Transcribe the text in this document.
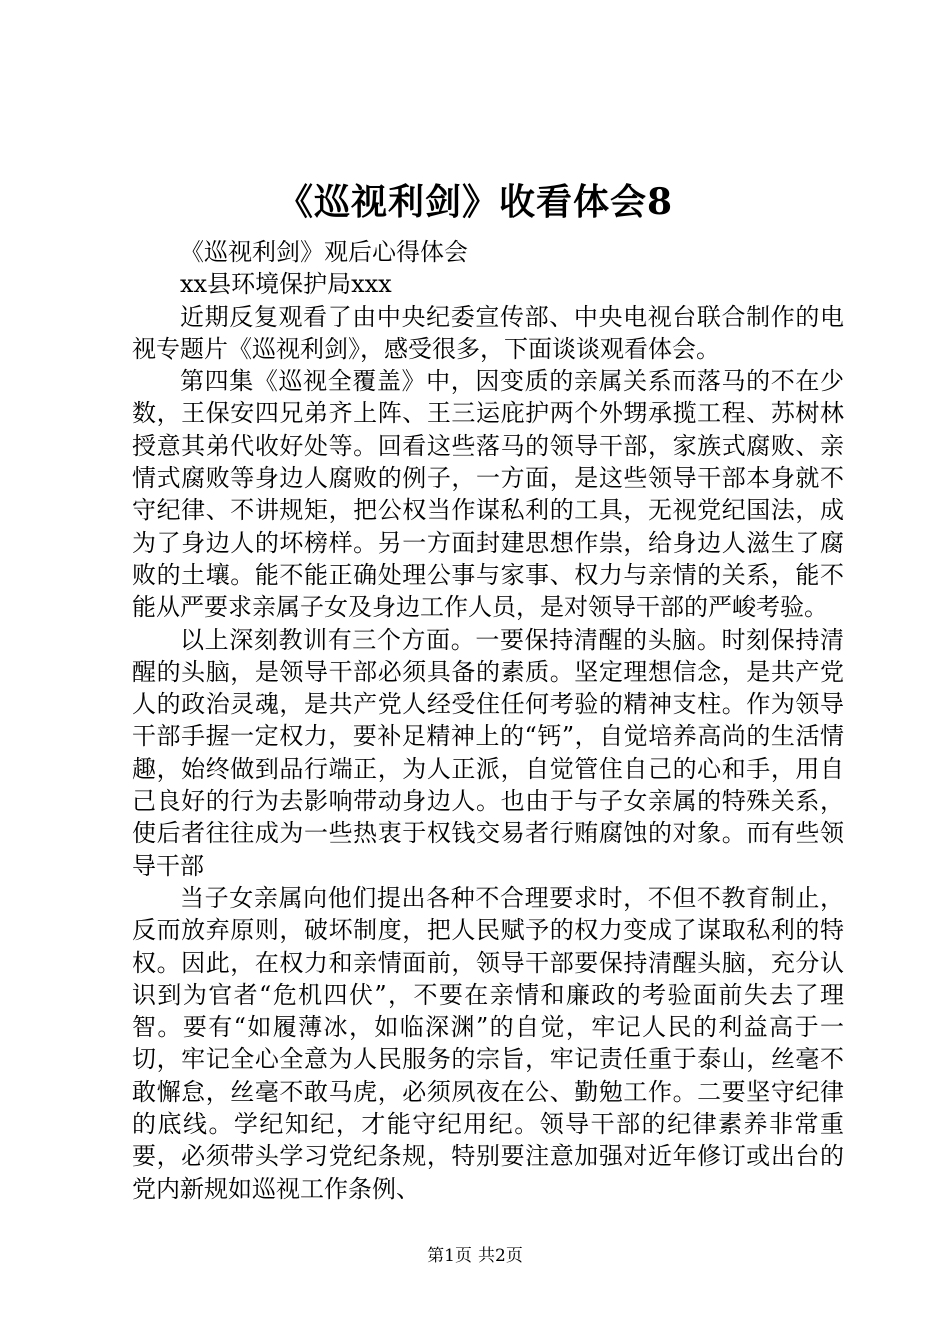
《巡视利剑》收看体会8

《巡视利剑》观后心得体会

xx县环境保护局xxx

近期反复观看了由中央纪委宣传部、中央电视台联合制作的电视专题片《巡视利剑》，感受很多，下面谈谈观看体会。

第四集《巡视全覆盖》中，因变质的亲属关系而落马的不在少数，王保安四兄弟齐上阵、王三运庇护两个外甥承揽工程、苏树林授意其弟代收好处等。回看这些落马的领导干部，家族式腐败、亲情式腐败等身边人腐败的例子，一方面，是这些领导干部本身就不守纪律、不讲规矩，把公权当作谋私利的工具，无视党纪国法，成为了身边人的坏榜样。另一方面封建思想作祟，给身边人滋生了腐败的土壤。能不能正确处理公事与家事、权力与亲情的关系，能不能从严要求亲属子女及身边工作人员，是对领导干部的严峻考验。

以上深刻教训有三个方面。一要保持清醒的头脑。时刻保持清醒的头脑，是领导干部必须具备的素质。坚定理想信念，是共产党人的政治灵魂，是共产党人经受住任何考验的精神支柱。作为领导干部手握一定权力，要补足精神上的“钙”，自觉培养高尚的生活情趣，始终做到品行端正，为人正派，自觉管住自己的心和手，用自己良好的行为去影响带动身边人。也由于与子女亲属的特殊关系，使后者往往成为一些热衷于权钱交易者行贿腐蚀的对象。而有些领导干部

当子女亲属向他们提出各种不合理要求时，不但不教育制止，反而放弃原则，破坏制度，把人民赋予的权力变成了谋取私利的特权。因此，在权力和亲情面前，领导干部要保持清醒头脑，充分认识到为官者“危机四伏”，不要在亲情和廉政的考验面前失去了理智。要有“如履薄冰，如临深渊”的自觉，牢记人民的利益高于一切，牢记全心全意为人民服务的宗旨，牢记责任重于泰山，丝毫不敢懈怠，丝毫不敢马虎，必须夙夜在公、勤勉工作。二要坚守纪律的底线。学纪知纪，才能守纪用纪。领导干部的纪律素养非常重要，必须带头学习党纪条规，特别要注意加强对近年修订或出台的党内新规如巡视工作条例、

第1页 共2页
